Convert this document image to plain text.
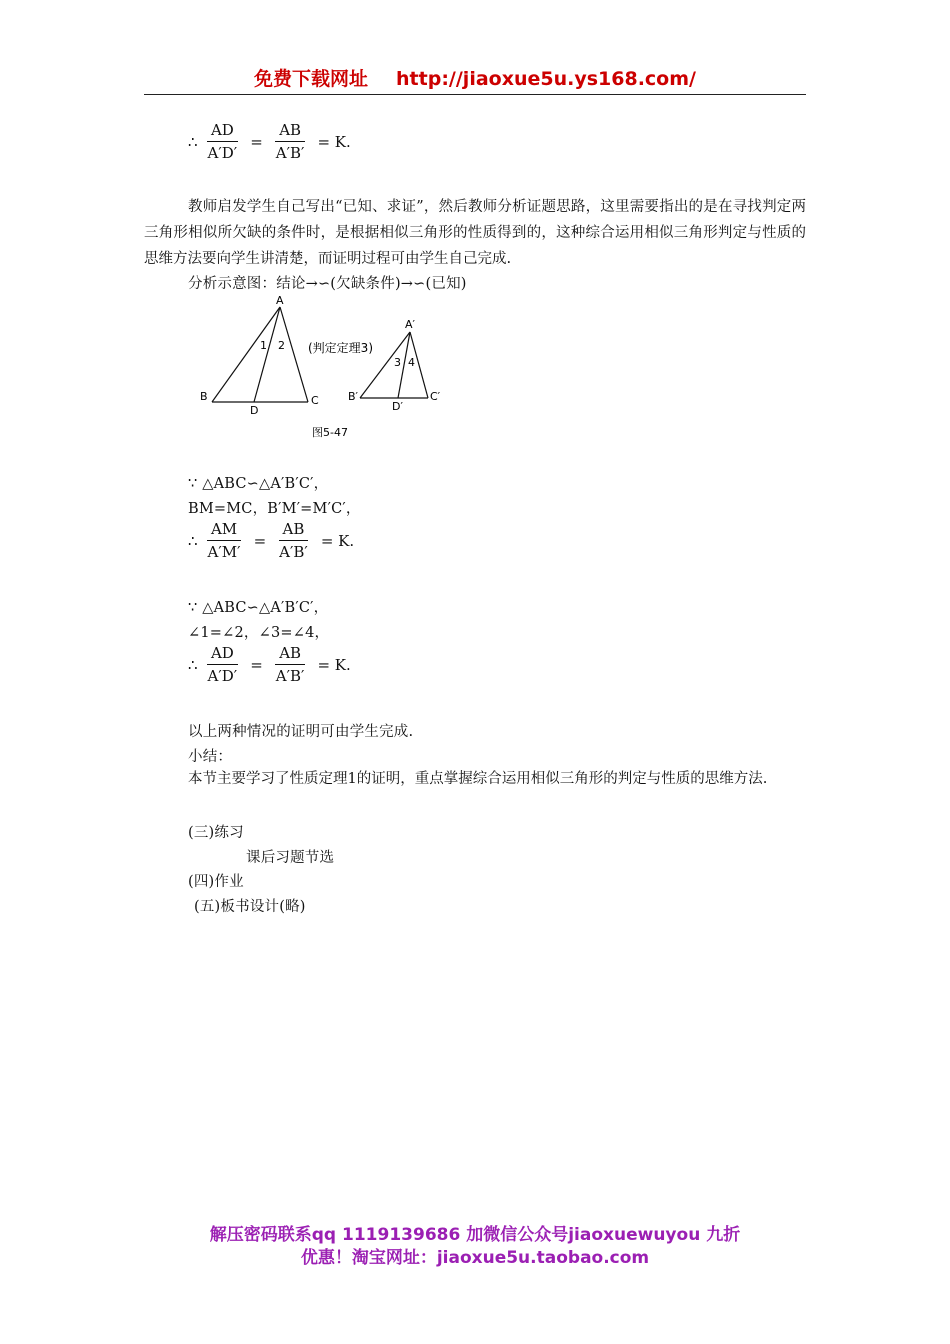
免费下载网址 http://jiaoxue5u.ys168.com/
∴ $\frac{AD}{A'D'} = \frac{AB}{A'B'} = K$.
教师启发学生自己写出“已知、求证”，然后教师分析证题思路，这里需要指出的是在寻找判定两三角形相似所欠缺的条件时，是根据相似三角形的性质得到的，这种综合运用相似三角形判定与性质的思维方法要向学生讲清楚，而证明过程可由学生自己完成.
分析示意图：结论→∽(欠缺条件)→∽(已知)
A
B	C
D
1 2 (判定定理3)
A′
B′	C′
D′
3 4
图5-47
∵ △ABC∽△A′B′C′，
BM=MC，B′M′=M′C′，
∴ $\frac{AM}{A'M'} = \frac{AB}{A'B'} = K$.
∵ △ABC∽△A′B′C′，
∠1=∠2，∠3=∠4，
∴ $\frac{AD}{A'D'} = \frac{AB}{A'B'} = K$.
以上两种情况的证明可由学生完成.
小结：
本节主要学习了性质定理1的证明，重点掌握综合运用相似三角形的判定与性质的思维方法.
(三)练习
课后习题节选
(四)作业
(五)板书设计(略)
解压密码联系qq 1119139686 加微信公众号jiaoxuewuyou 九折
优惠！淘宝网址：jiaoxue5u.taobao.com
